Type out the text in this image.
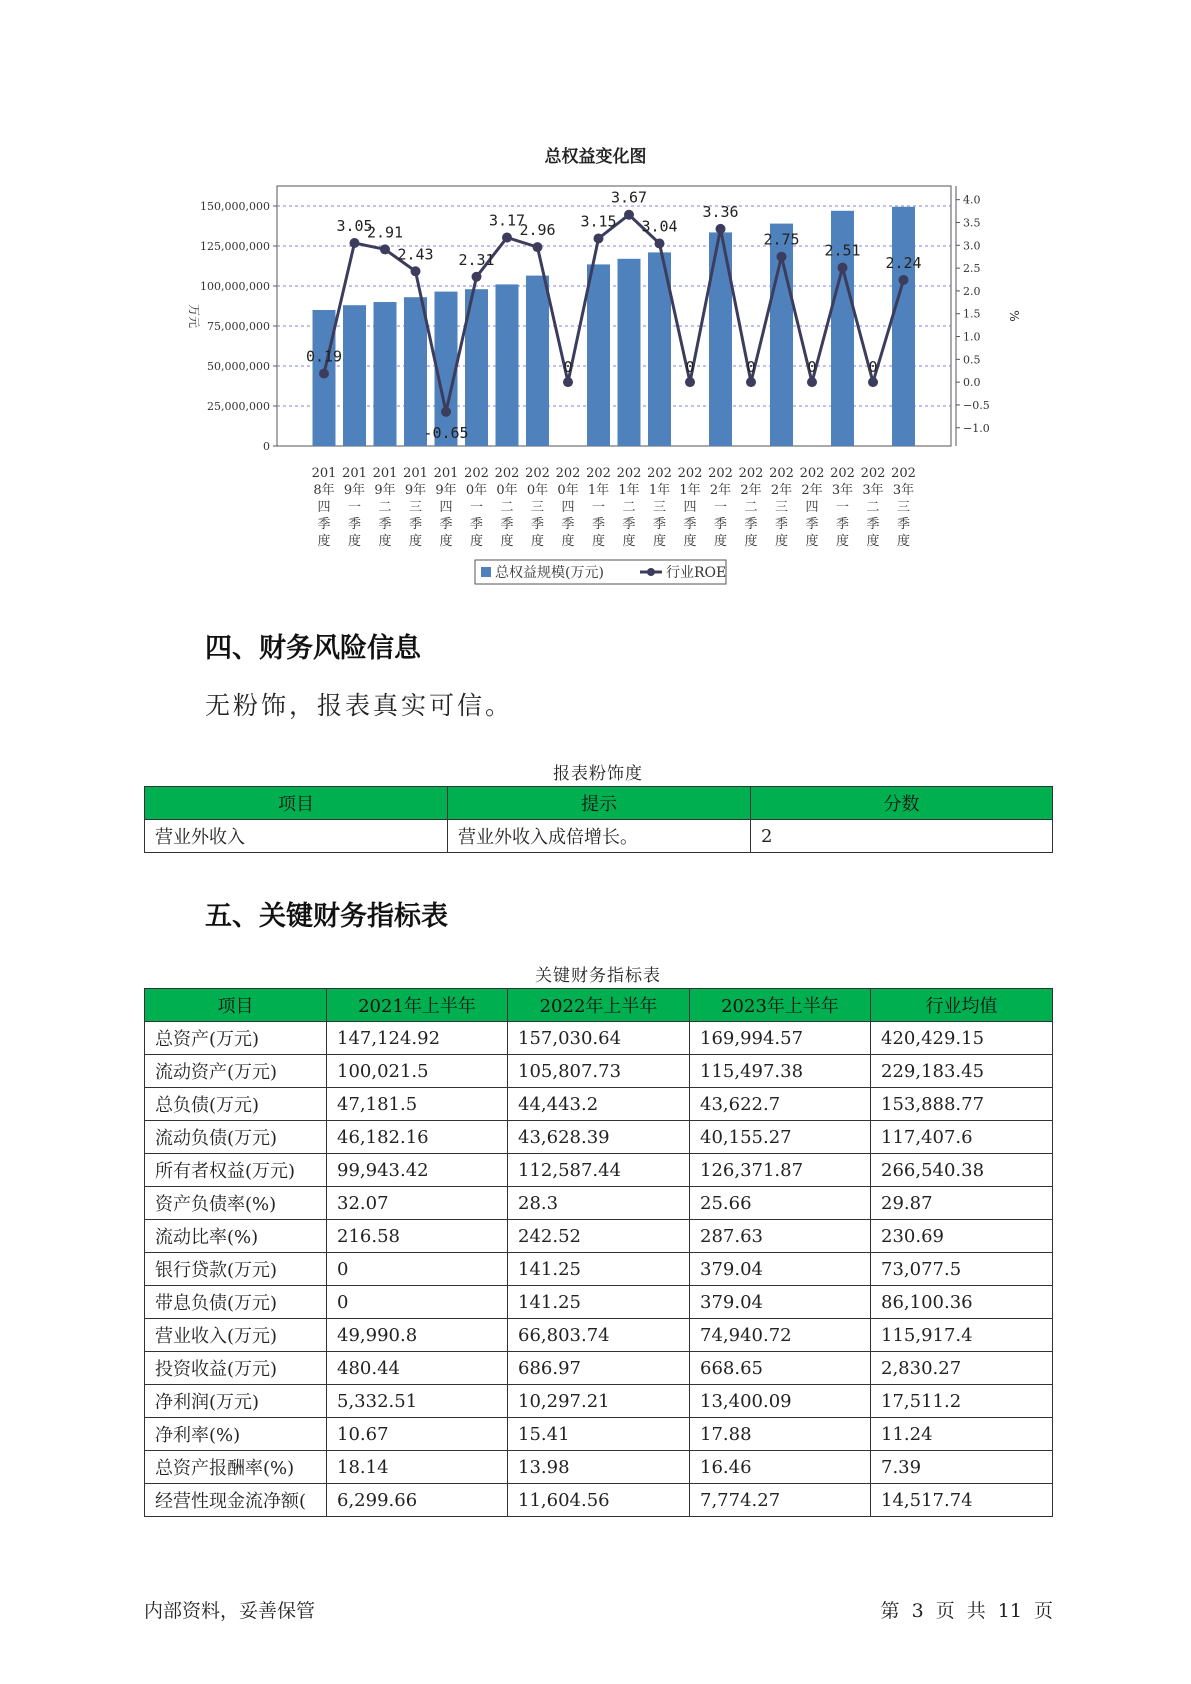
总权益变化图
150,000,000
125,000,000
100,000,000
75,000,000
50,000,000
25,000,000
0
4.0
3.5
3.0
2.5
2.0
1.5
1.0
0.5
0.0
−0.5
−1.0
万元	%
0.19
3.05
2.91
2.43
-0.65
2.31
3.17
2.96
0
3.15
3.67
3.04
0
3.36
0
2.75
0
2.51
0
2.24
201 8年四季度
201 9年一季度
201 9年二季度
201 9年三季度
201 9年四季度
202 0年一季度
202 0年二季度
202 0年三季度
202 0年四季度
202 1年一季度
202 1年二季度
202 1年三季度
202 1年四季度
202 2年一季度
202 2年二季度
202 2年三季度
202 2年四季度
202 3年一季度
202 3年二季度
202 3年三季度
总权益规模(万元)	行业ROE
四、财务风险信息
无粉饰，报表真实可信。
报表粉饰度
项目	提示	分数
营业外收入	营业外收入成倍增长。	2
五、关键财务指标表
关键财务指标表
项目	2021年上半年	2022年上半年	2023年上半年	行业均值
总资产(万元)	147,124.92	157,030.64	169,994.57	420,429.15
流动资产(万元)	100,021.5	105,807.73	115,497.38	229,183.45
总负债(万元)	47,181.5	44,443.2	43,622.7	153,888.77
流动负债(万元)	46,182.16	43,628.39	40,155.27	117,407.6
所有者权益(万元)	99,943.42	112,587.44	126,371.87	266,540.38
资产负债率(%)	32.07	28.3	25.66	29.87
流动比率(%)	216.58	242.52	287.63	230.69
银行贷款(万元)	0	141.25	379.04	73,077.5
带息负债(万元)	0	141.25	379.04	86,100.36
营业收入(万元)	49,990.8	66,803.74	74,940.72	115,917.4
投资收益(万元)	480.44	686.97	668.65	2,830.27
净利润(万元)	5,332.51	10,297.21	13,400.09	17,511.2
净利率(%)	10.67	15.41	17.88	11.24
总资产报酬率(%)	18.14	13.98	16.46	7.39
经营性现金流净额(	6,299.66	11,604.56	7,774.27	14,517.74
内部资料，妥善保管	第 3 页 共 11 页
